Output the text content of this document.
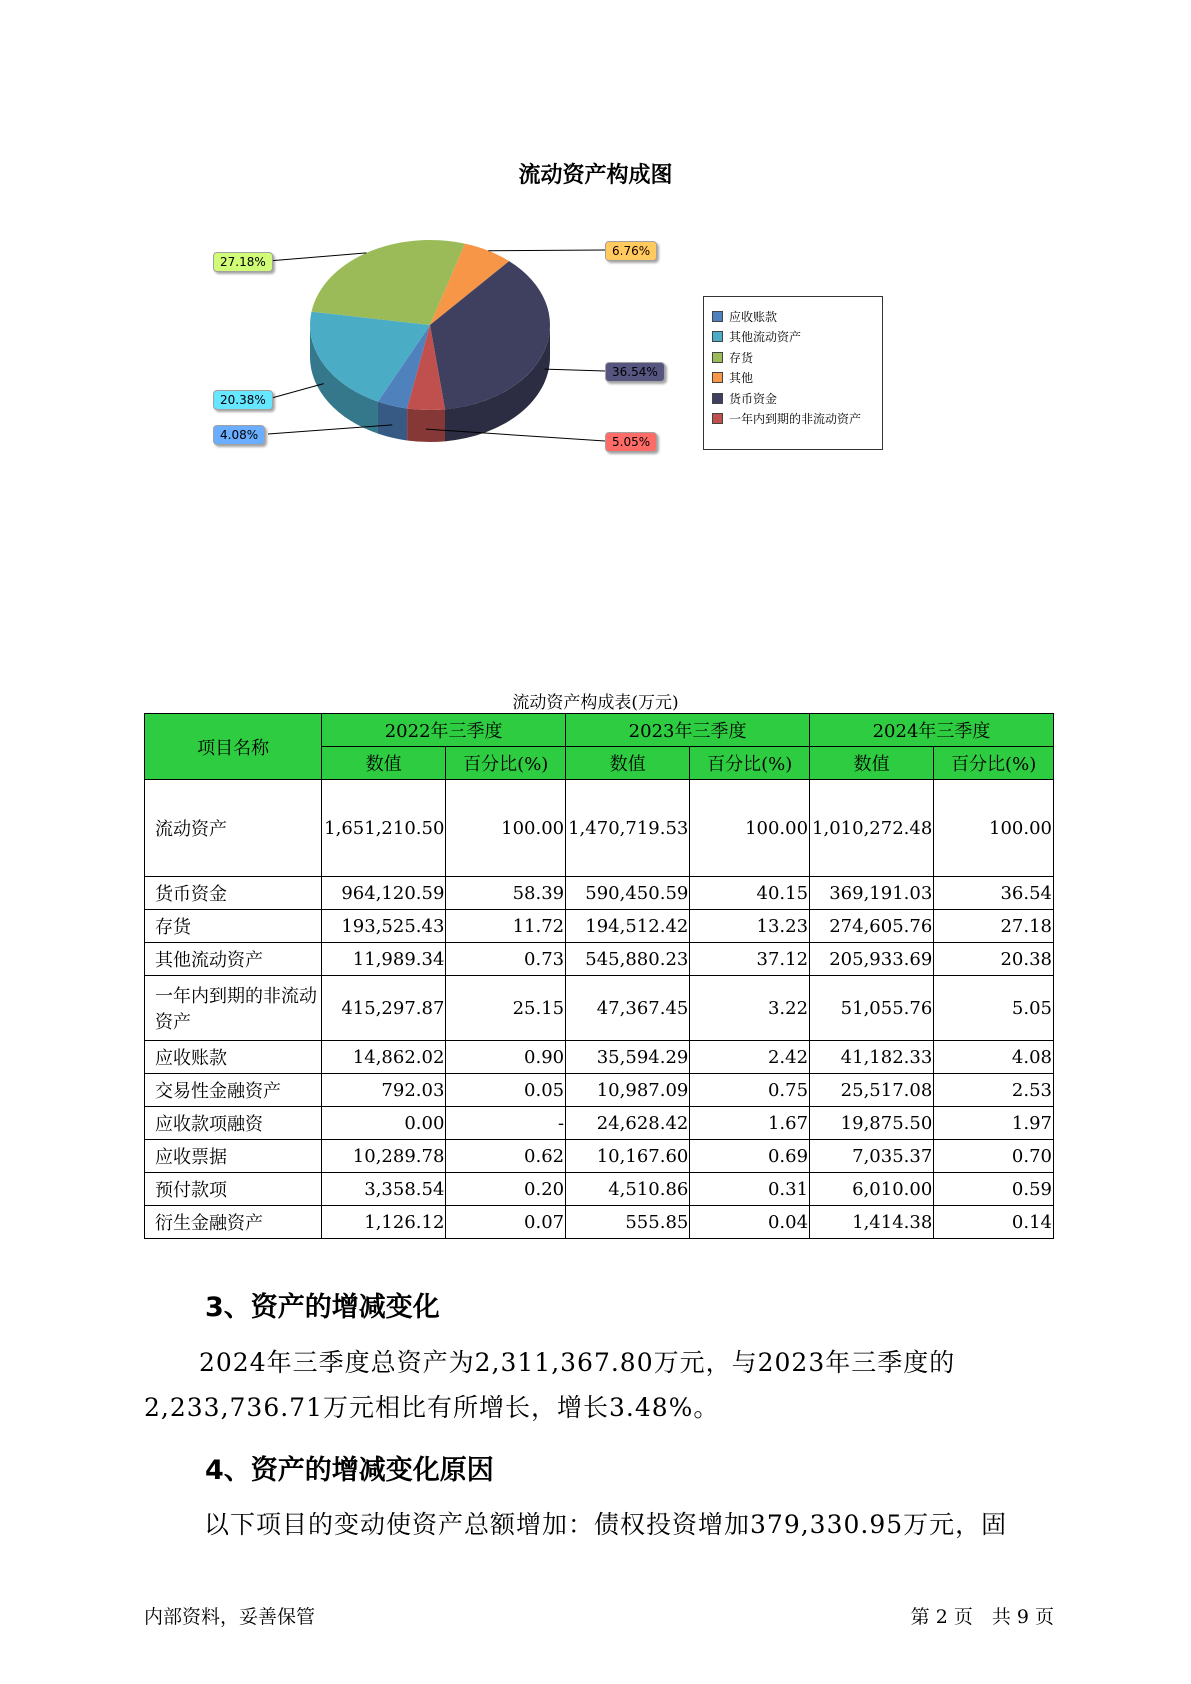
流动资产构成图
4.08%
20.38%
27.18%
6.76%
36.54%
5.05%
应收账款
其他流动资产
存货
其他
货币资金
一年内到期的非流动资产
流动资产构成表(万元)
项目名称	2022年三季度		2023年三季度		2024年三季度	
	数值	百分比(%)	数值	百分比(%)	数值	百分比(%)
流动资产	1,651,210.50	100.00	1,470,719.53	100.00	1,010,272.48	100.00
货币资金	964,120.59	58.39	590,450.59	40.15	369,191.03	36.54
存货	193,525.43	11.72	194,512.42	13.23	274,605.76	27.18
其他流动资产	11,989.34	0.73	545,880.23	37.12	205,933.69	20.38
一年内到期的非流动资产	415,297.87	25.15	47,367.45	3.22	51,055.76	5.05
应收账款	14,862.02	0.90	35,594.29	2.42	41,182.33	4.08
交易性金融资产	792.03	0.05	10,987.09	0.75	25,517.08	2.53
应收款项融资	0.00	-	24,628.42	1.67	19,875.50	1.97
应收票据	10,289.78	0.62	10,167.60	0.69	7,035.37	0.70
预付款项	3,358.54	0.20	4,510.86	0.31	6,010.00	0.59
衍生金融资产	1,126.12	0.07	555.85	0.04	1,414.38	0.14
3、资产的增减变化
2024年三季度总资产为2,311,367.80万元，与2023年三季度的2,233,736.71万元相比有所增长，增长3.48%。
4、资产的增减变化原因
以下项目的变动使资产总额增加：债权投资增加379,330.95万元，固
内部资料，妥善保管	第 2 页　共 9 页
